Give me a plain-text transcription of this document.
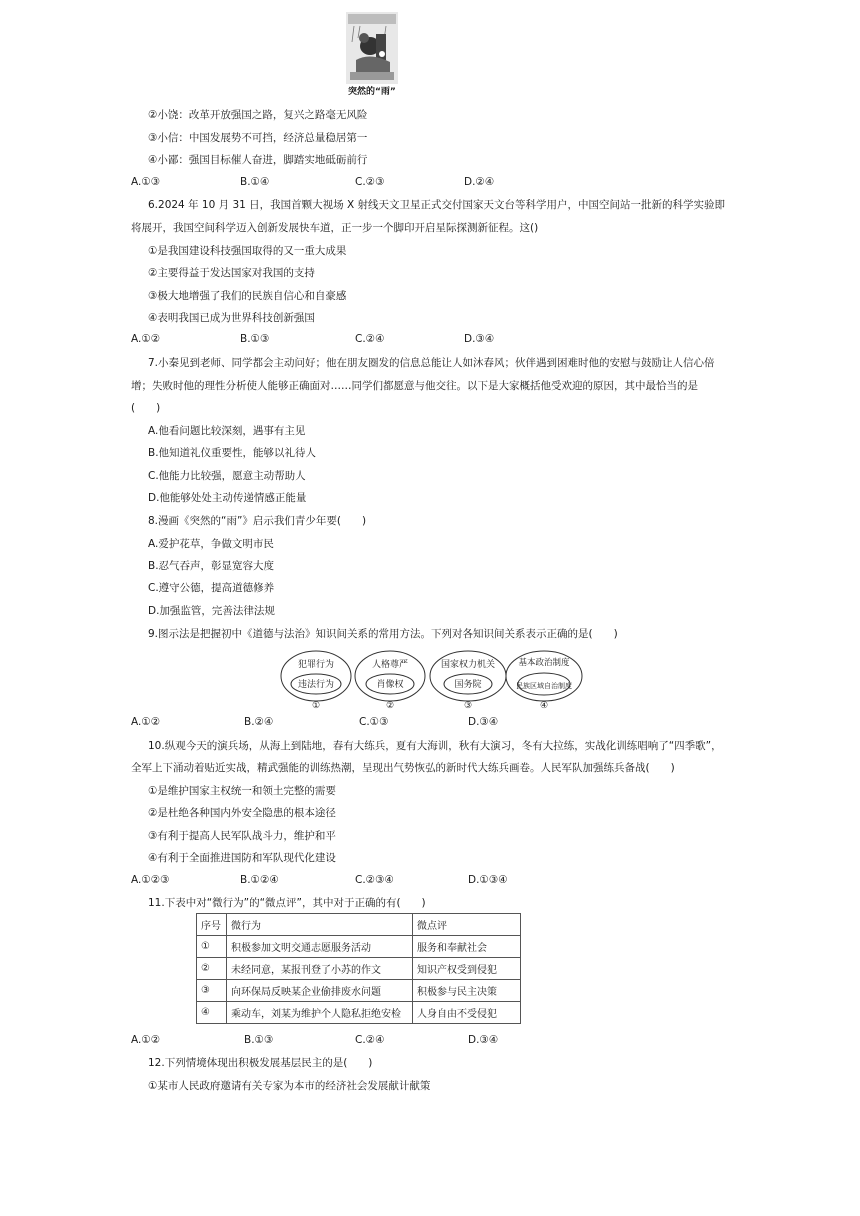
突然的“雨”
②小饶：改革开放强国之路，复兴之路毫无风险
③小信：中国发展势不可挡，经济总量稳居第一
④小鄙：强国目标催人奋进，脚踏实地砥砺前行
A.①③	B.①④	C.②③	D.②④
6.2024 年 10 月 31 日，我国首颗大视场 X 射线天文卫星正式交付国家天文台等科学用户，中国空间站一批新的科学实验即
将展开，我国空间科学迈入创新发展快车道，正一步一个脚印开启星际探测新征程。这()
①是我国建设科技强国取得的又一重大成果
②主要得益于发达国家对我国的支持
③极大地增强了我们的民族自信心和自豪感
④表明我国已成为世界科技创新强国
A.①②	B.①③	C.②④	D.③④
7.小秦见到老师、同学都会主动问好；他在朋友圈发的信息总能让人如沐春风；伙伴遇到困难时他的安慰与鼓励让人信心倍
增；失败时他的理性分析使人能够正确面对……同学们都愿意与他交往。以下是大家概括他受欢迎的原因，其中最恰当的是
(　　)
A.他看问题比较深刻，遇事有主见
B.他知道礼仪重要性，能够以礼待人
C.他能力比较强，愿意主动帮助人
D.他能够处处主动传递情感正能量
8.漫画《突然的“雨”》启示我们青少年要(　　)
A.爱护花草，争做文明市民
B.忍气吞声，彰显宽容大度
C.遵守公德，提高道德修养
D.加强监管，完善法律法规
9.图示法是把握初中《道德与法治》知识间关系的常用方法。下列对各知识间关系表示正确的是(　　)
犯罪行为
违法行为
①
人格尊严
肖像权
②
国家权力机关
国务院
③
基本政治制度
民族区域自治制度
④
A.①②	B.②④	C.①③	D.③④
10.纵观今天的演兵场，从海上到陆地，春有大练兵，夏有大海训，秋有大演习，冬有大拉练，实战化训练唱响了“四季歌”，
全军上下涌动着贴近实战，精武强能的训练热潮，呈现出气势恢弘的新时代大练兵画卷。人民军队加强练兵备战(　　)
①是维护国家主权统一和领土完整的需要
②是杜绝各种国内外安全隐患的根本途径
③有利于提高人民军队战斗力，维护和平
④有利于全面推进国防和军队现代化建设
A.①②③	B.①②④	C.②③④	D.①③④
11.下表中对“微行为”的“微点评”，其中对于正确的有(　　)
序号	微行为	微点评
①	积极参加文明交通志愿服务活动	服务和奉献社会
②	未经同意，某报刊登了小苏的作文	知识产权受到侵犯
③	向环保局反映某企业偷排废水问题	积极参与民主决策
④	乘动车，刘某为维护个人隐私拒绝安检	人身自由不受侵犯
A.①②	B.①③	C.②④	D.③④
12.下列情境体现出积极发展基层民主的是(　　)
①某市人民政府邀请有关专家为本市的经济社会发展献计献策
